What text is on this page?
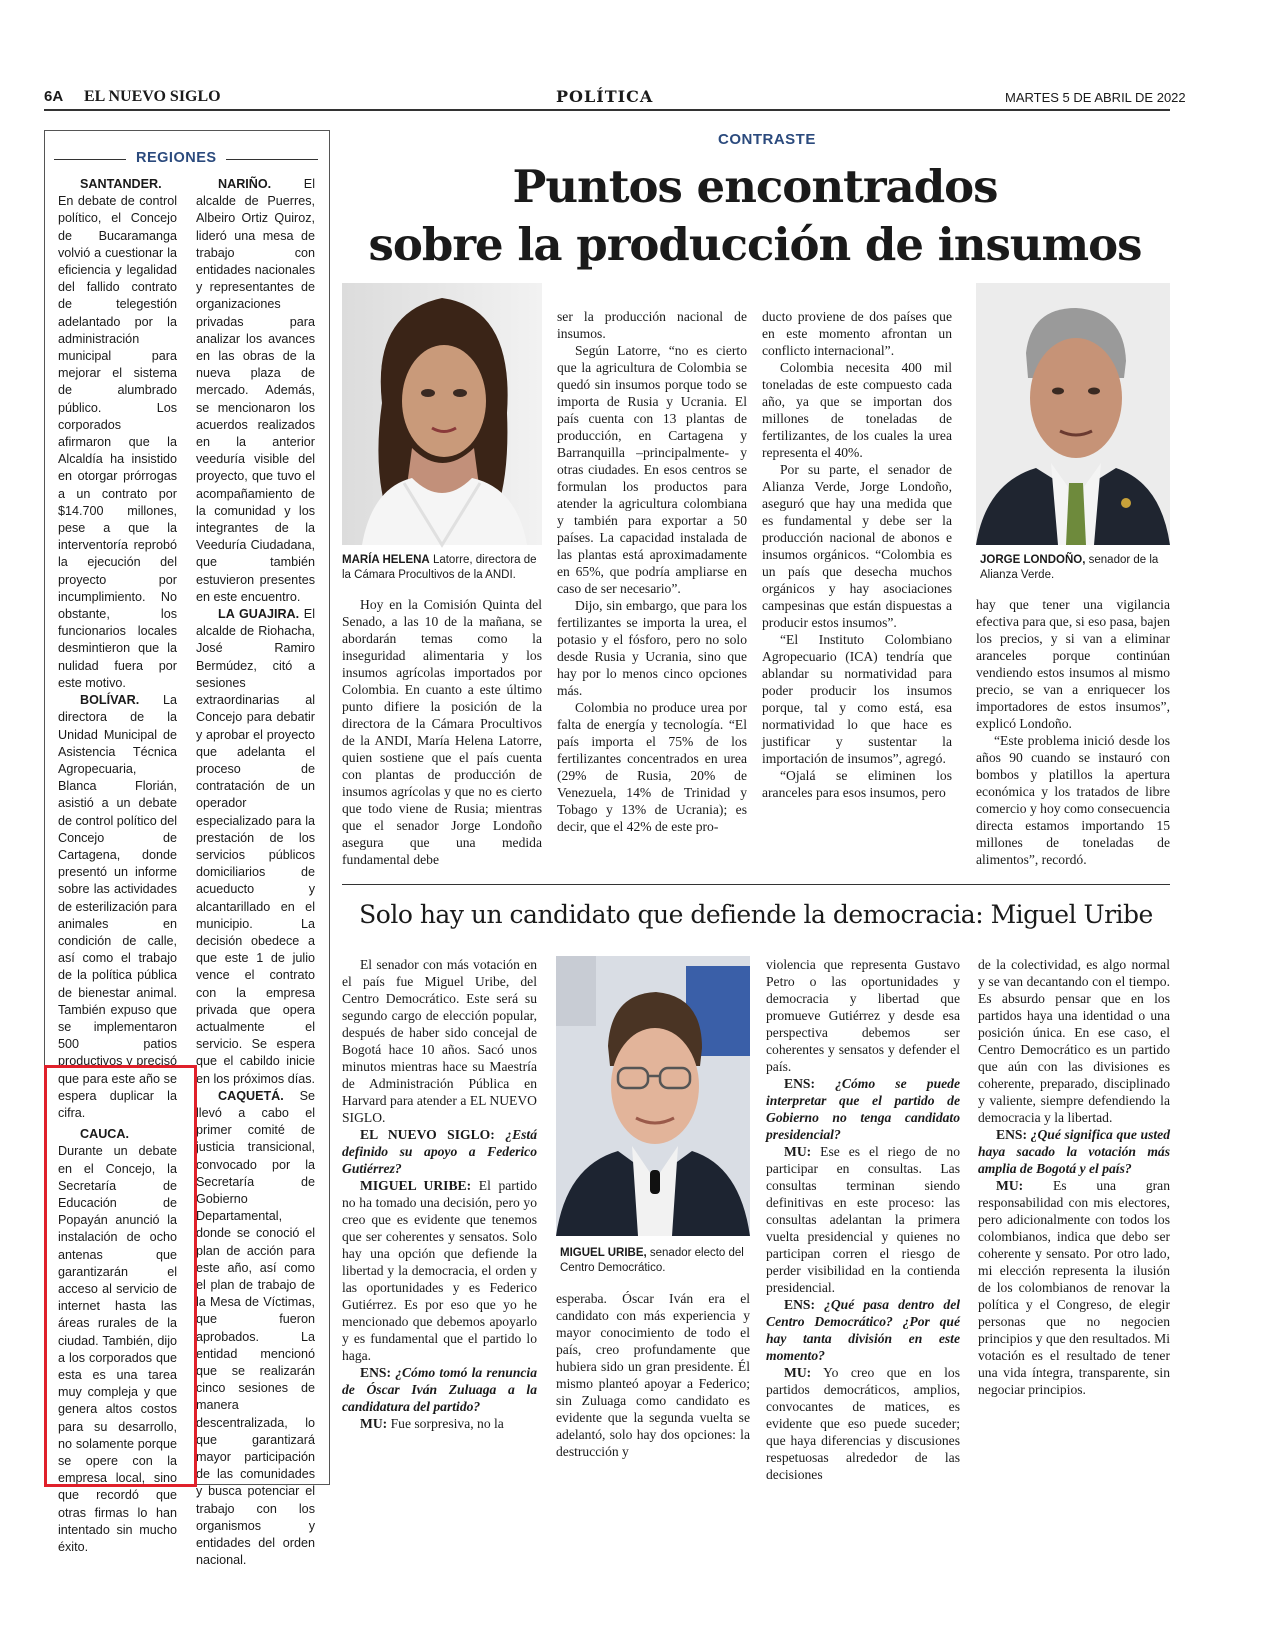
6A EL NUEVO SIGLO	POLÍTICA	MARTES 5 DE ABRIL DE 2022
REGIONES

SANTANDER. En debate de control político, el Concejo de Bucaramanga volvió a cuestionar la eficiencia y legalidad del fallido contrato de telegestión adelantado por la administración municipal para mejorar el sistema de alumbrado público. Los corporados afirmaron que la Alcaldía ha insistido en otorgar prórrogas a un contrato por $14.700 millones, pese a que la interventoría reprobó la ejecución del proyecto por incumplimiento. No obstante, los funcionarios locales desmintieron que la nulidad fuera por este motivo.

BOLÍVAR. La directora de la Unidad Municipal de Asistencia Técnica Agropecuaria, Blanca Florián, asistió a un debate de control político del Concejo de Cartagena, donde presentó un informe sobre las actividades de esterilización para animales en condición de calle, así como el trabajo de la política pública de bienestar animal. También expuso que se implementaron 500 patios productivos y precisó que para este año se espera duplicar la cifra.

CAUCA. Durante un debate en el Concejo, la Secretaría de Educación de Popayán anunció la instalación de ocho antenas que garantizarán el acceso al servicio de internet hasta las áreas rurales de la ciudad. También, dijo a los corporados que esta es una tarea muy compleja y que genera altos costos para su desarrollo, no solamente porque se opere con la empresa local, sino que recordó que otras firmas lo han intentado sin mucho éxito.

NARIÑO. El alcalde de Puerres, Albeiro Ortiz Quiroz, lideró una mesa de trabajo con entidades nacionales y representantes de organizaciones privadas para analizar los avances en las obras de la nueva plaza de mercado. Además, se mencionaron los acuerdos realizados en la anterior veeduría visible del proyecto, que tuvo el acompañamiento de la comunidad y los integrantes de la Veeduría Ciudadana, que también estuvieron presentes en este encuentro.

LA GUAJIRA. El alcalde de Riohacha, José Ramiro Bermúdez, citó a sesiones extraordinarias al Concejo para debatir y aprobar el proyecto que adelanta el proceso de contratación de un operador especializado para la prestación de los servicios públicos domiciliarios de acueducto y alcantarillado en el municipio. La decisión obedece a que este 1 de julio vence el contrato con la empresa privada que opera actualmente el servicio. Se espera que el cabildo inicie en los próximos días.

CAQUETÁ. Se llevó a cabo el primer comité de justicia transicional, convocado por la Secretaría de Gobierno Departamental, donde se conoció el plan de acción para este año, así como el plan de trabajo de la Mesa de Víctimas, que fueron aprobados. La entidad mencionó que se realizarán cinco sesiones de manera descentralizada, lo que garantizará mayor participación de las comunidades y busca potenciar el trabajo con los organismos y entidades del orden nacional.

CONTRASTE
Puntos encontrados
sobre la producción de insumos
MARÍA HELENA Latorre, directora de la Cámara Procultivos de la ANDI.
JORGE LONDOÑO, senador de la Alianza Verde.

Hoy en la Comisión Quinta del Senado, a las 10 de la mañana, se abordarán temas como la inseguridad alimentaria y los insumos agrícolas importados por Colombia. En cuanto a este último punto difiere la posición de la directora de la Cámara Procultivos de la ANDI, María Helena Latorre, quien sostiene que el país cuenta con plantas de producción de insumos agrícolas y que no es cierto que todo viene de Rusia; mientras que el senador Jorge Londoño asegura que una medida fundamental debe

ser la producción nacional de insumos.

Según Latorre, “no es cierto que la agricultura de Colombia se quedó sin insumos porque todo se importa de Rusia y Ucrania. El país cuenta con 13 plantas de producción, en Cartagena y Barranquilla –principalmente- y otras ciudades. En esos centros se formulan los productos para atender la agricultura colombiana y también para exportar a 50 países. La capacidad instalada de las plantas está aproximadamente en 65%, que podría ampliarse en caso de ser necesario”.

Dijo, sin embargo, que para los fertilizantes se importa la urea, el potasio y el fósforo, pero no solo desde Rusia y Ucrania, sino que hay por lo menos cinco opciones más.

Colombia no produce urea por falta de energía y tecnología. “El país importa el 75% de los fertilizantes concentrados en urea (29% de Rusia, 20% de Venezuela, 14% de Trinidad y Tobago y 13% de Ucrania); es decir, que el 42% de este pro-

ducto proviene de dos países que en este momento afrontan un conflicto internacional”.

Colombia necesita 400 mil toneladas de este compuesto cada año, ya que se importan dos millones de toneladas de fertilizantes, de los cuales la urea representa el 40%.

Por su parte, el senador de Alianza Verde, Jorge Londoño, aseguró que hay una medida que es fundamental y debe ser la producción nacional de abonos e insumos orgánicos. “Colombia es un país que desecha muchos orgánicos y hay asociaciones campesinas que están dispuestas a producir estos insumos”.

“El Instituto Colombiano Agropecuario (ICA) tendría que ablandar su normatividad para poder producir los insumos porque, tal y como está, esa normatividad lo que hace es justificar y sustentar la importación de insumos”, agregó.

“Ojalá se eliminen los aranceles para esos insumos, pero

hay que tener una vigilancia efectiva para que, si eso pasa, bajen los precios, y si van a eliminar aranceles porque continúan vendiendo estos insumos al mismo precio, se van a enriquecer los importadores de estos insumos”, explicó Londoño.

“Este problema inició desde los años 90 cuando se instauró con bombos y platillos la apertura económica y los tratados de libre comercio y hoy como consecuencia directa estamos importando 15 millones de toneladas de alimentos”, recordó.

Solo hay un candidato que defiende la democracia: Miguel Uribe

El senador con más votación en el país fue Miguel Uribe, del Centro Democrático. Este será su segundo cargo de elección popular, después de haber sido concejal de Bogotá hace 10 años. Sacó unos minutos mientras hace su Maestría de Administración Pública en Harvard para atender a EL NUEVO SIGLO.

EL NUEVO SIGLO: ¿Está definido su apoyo a Federico Gutiérrez?

MIGUEL URIBE: El partido no ha tomado una decisión, pero yo creo que es evidente que tenemos que ser coherentes y sensatos. Solo hay una opción que defiende la libertad y la democracia, el orden y las oportunidades y es Federico Gutiérrez. Es por eso que yo he mencionado que debemos apoyarlo y es fundamental que el partido lo haga.

ENS: ¿Cómo tomó la renuncia de Óscar Iván Zuluaga a la candidatura del partido?

MU: Fue sorpresiva, no la

MIGUEL URIBE, senador electo del Centro Democrático.

esperaba. Óscar Iván era el candidato con más experiencia y mayor conocimiento de todo el país, creo profundamente que hubiera sido un gran presidente. Él mismo planteó apoyar a Federico; sin Zuluaga como candidato es evidente que la segunda vuelta se adelantó, solo hay dos opciones: la destrucción y

violencia que representa Gustavo Petro o las oportunidades y democracia y libertad que promueve Gutiérrez y desde esa perspectiva debemos ser coherentes y sensatos y defender el país.

ENS: ¿Cómo se puede interpretar que el partido de Gobierno no tenga candidato presidencial?

MU: Ese es el riego de no participar en consultas. Las consultas terminan siendo definitivas en este proceso: las consultas adelantan la primera vuelta presidencial y quienes no participan corren el riesgo de perder visibilidad en la contienda presidencial.

ENS: ¿Qué pasa dentro del Centro Democrático? ¿Por qué hay tanta división en este momento?

MU: Yo creo que en los partidos democráticos, amplios, convocantes de matices, es evidente que eso puede suceder; que haya diferencias y discusiones respetuosas alrededor de las decisiones

de la colectividad, es algo normal y se van decantando con el tiempo. Es absurdo pensar que en los partidos haya una identidad o una posición única. En ese caso, el Centro Democrático es un partido que aún con las divisiones es coherente, preparado, disciplinado y valiente, siempre defendiendo la democracia y la libertad.

ENS: ¿Qué significa que usted haya sacado la votación más amplia de Bogotá y el país?

MU: Es una gran responsabilidad con mis electores, pero adicionalmente con todos los colombianos, indica que debo ser coherente y sensato. Por otro lado, mi elección representa la ilusión de los colombianos de renovar la política y el Congreso, de elegir personas que no negocien principios y que den resultados. Mi votación es el resultado de tener una vida íntegra, transparente, sin negociar principios.
